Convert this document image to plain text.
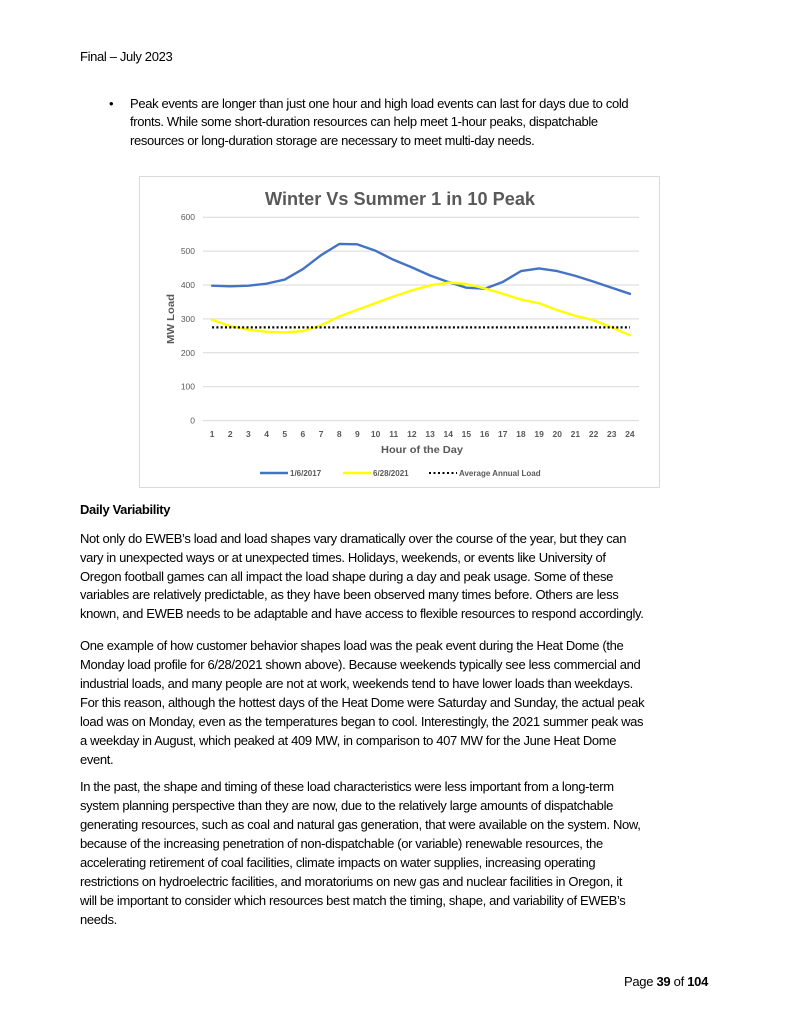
Final – July 2023
• Peak events are longer than just one hour and high load events can last for days due to cold
fronts. While some short-duration resources can help meet 1-hour peaks, dispatchable
resources or long-duration storage are necessary to meet multi-day needs.
Winter Vs Summer 1 in 10 Peak
0
100
200
300
400
500
600
1 2 3 4 5 6 7 8 9 10 11 12 13 14 15 16 17 18 19 20 21 22 23 24
Hour of the Day
MW Load
1/6/2017	6/28/2021	Average Annual Load
Daily Variability
Not only do EWEB’s load and load shapes vary dramatically over the course of the year, but they can
vary in unexpected ways or at unexpected times. Holidays, weekends, or events like University of
Oregon football games can all impact the load shape during a day and peak usage. Some of these
variables are relatively predictable, as they have been observed many times before. Others are less
known, and EWEB needs to be adaptable and have access to flexible resources to respond accordingly.
One example of how customer behavior shapes load was the peak event during the Heat Dome (the
Monday load profile for 6/28/2021 shown above). Because weekends typically see less commercial and
industrial loads, and many people are not at work, weekends tend to have lower loads than weekdays.
For this reason, although the hottest days of the Heat Dome were Saturday and Sunday, the actual peak
load was on Monday, even as the temperatures began to cool. Interestingly, the 2021 summer peak was
a weekday in August, which peaked at 409 MW, in comparison to 407 MW for the June Heat Dome
event.
In the past, the shape and timing of these load characteristics were less important from a long-term
system planning perspective than they are now, due to the relatively large amounts of dispatchable
generating resources, such as coal and natural gas generation, that were available on the system. Now,
because of the increasing penetration of non-dispatchable (or variable) renewable resources, the
accelerating retirement of coal facilities, climate impacts on water supplies, increasing operating
restrictions on hydroelectric facilities, and moratoriums on new gas and nuclear facilities in Oregon, it
will be important to consider which resources best match the timing, shape, and variability of EWEB’s
needs.
Page 39 of 104
